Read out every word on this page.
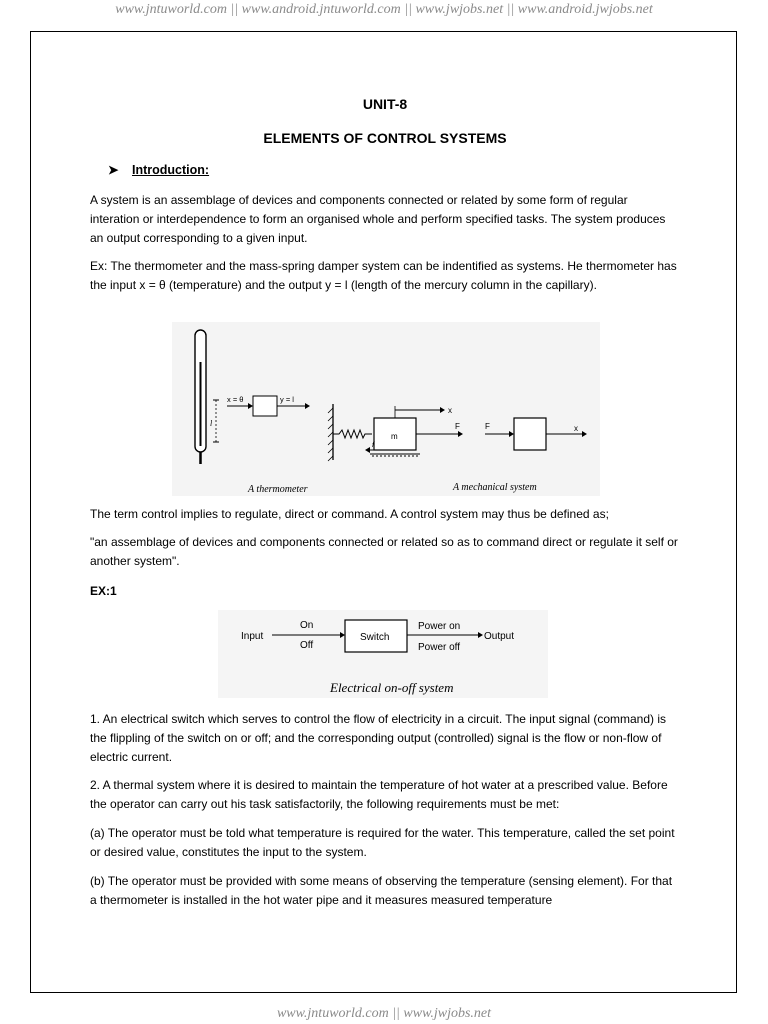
www.jntuworld.com || www.android.jntuworld.com || www.jwjobs.net || www.android.jwjobs.net
UNIT-8
ELEMENTS OF CONTROL SYSTEMS
➤ Introduction:

A system is an assemblage of devices and components connected or related by some form of regular interation or interdependence to form an organised whole and perform specified tasks. The system produces an output corresponding to a given input.

Ex: The thermometer and the mass-spring damper system can be indentified as systems. He thermometer has the input x = θ (temperature) and the output y = l (length of the mercury column in the capillary).

The term control implies to regulate, direct or command. A control system may thus be defined as;

"an assemblage of devices and components connected or related so as to command direct or regulate it self or another system".

EX:1

1. An electrical switch which serves to control the flow of electricity in a circuit. The input signal (command) is the flippling of the switch on or off; and the corresponding output (controlled) signal is the flow or non-flow of electric current.

2. A thermal system where it is desired to maintain the temperature of hot water at a prescribed value. Before the operator can carry out his task satisfactorily, the following requirements must be met:

(a) The operator must be told what temperature is required for the water. This temperature, called the set point or desired value, constitutes the input to the system.

(b) The operator must be provided with some means of observing the temperature (sensing element). For that a thermometer is installed in the hot water pipe and it measures measured temperature

l
x = θ	y = l
m
x
F
f
F	x
A thermometer	A mechanical system
Input
On
Off
Switch
Power on
Power off
Output
Electrical on-off system
www.jntuworld.com || www.jwjobs.net
